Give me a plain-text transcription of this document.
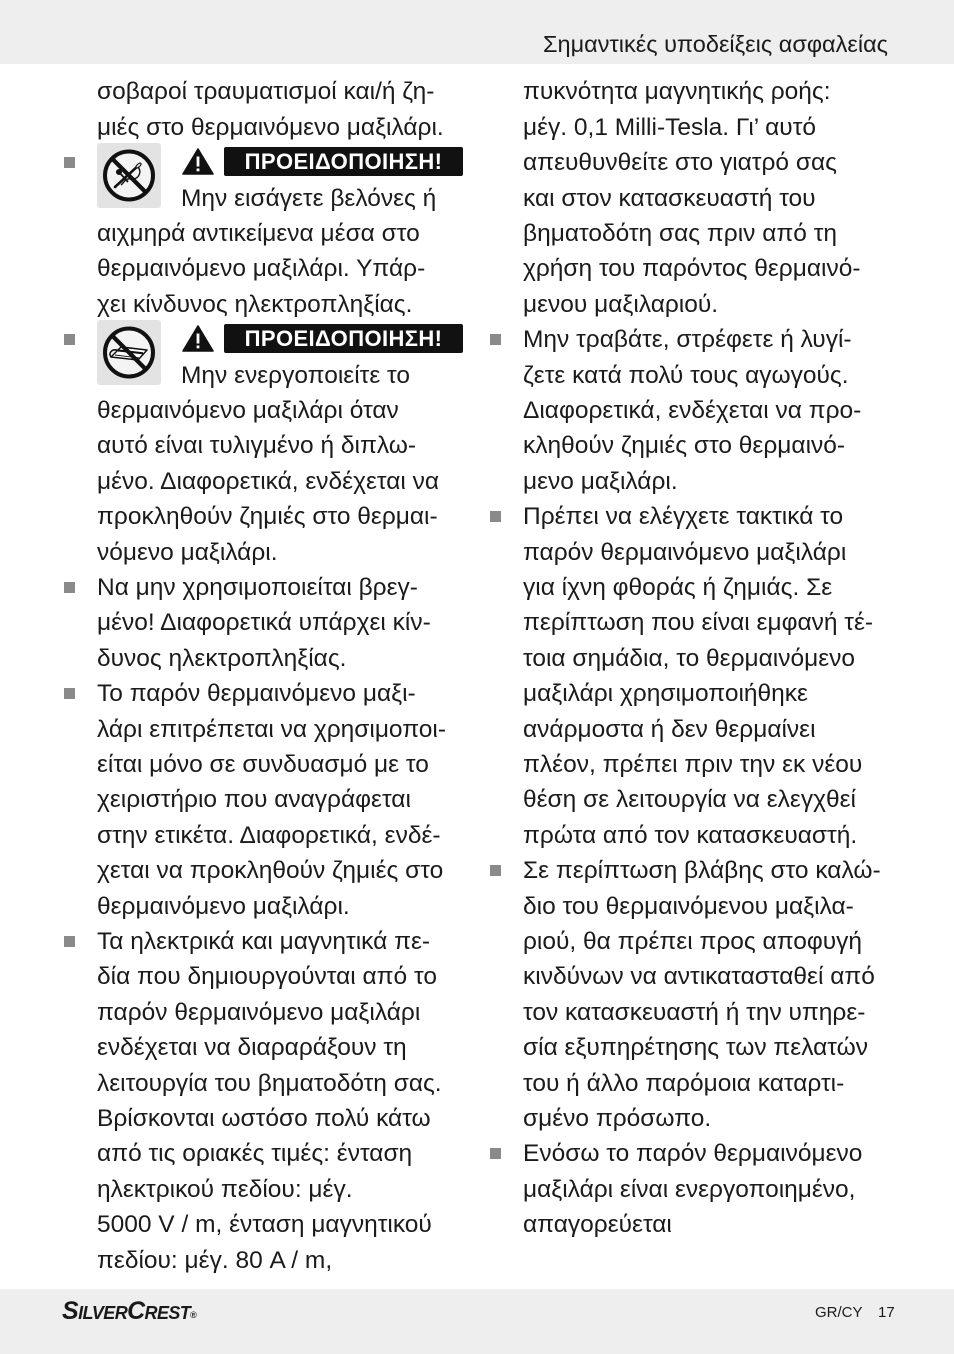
Σημαντικές υποδείξεις ασφαλείας
σοβαροί τραυματισμοί και/ή ζη-
μιές στο θερμαινόμενο μαξιλάρι.
ΠΡΟΕΙΔΟΠΟΙΗΣΗ!
Μην εισάγετε βελόνες ή
αιχμηρά αντικείμενα μέσα στο
θερμαινόμενο μαξιλάρι. Υπάρ-
χει κίνδυνος ηλεκτροπληξίας.
ΠΡΟΕΙΔΟΠΟΙΗΣΗ!
Μην ενεργοποιείτε το
θερμαινόμενο μαξιλάρι όταν
αυτό είναι τυλιγμένο ή διπλω-
μένο. Διαφορετικά, ενδέχεται να
προκληθούν ζημιές στο θερμαι-
νόμενο μαξιλάρι.
Να μην χρησιμοποιείται βρεγ-
μένο! Διαφορετικά υπάρχει κίν-
δυνος ηλεκτροπληξίας.
Το παρόν θερμαινόμενο μαξι-
λάρι επιτρέπεται να χρησιμοποι-
είται μόνο σε συνδυασμό με το
χειριστήριο που αναγράφεται
στην ετικέτα. Διαφορετικά, ενδέ-
χεται να προκληθούν ζημιές στο
θερμαινόμενο μαξιλάρι.
Τα ηλεκτρικά και μαγνητικά πε-
δία που δημιουργούνται από το
παρόν θερμαινόμενο μαξιλάρι
ενδέχεται να διαραράξουν τη
λειτουργία του βηματοδότη σας.
Βρίσκονται ωστόσο πολύ κάτω
από τις οριακές τιμές: ένταση
ηλεκτρικού πεδίου: μέγ.
5000 V / m, ένταση μαγνητικού
πεδίου: μέγ. 80 A / m,
πυκνότητα μαγνητικής ροής:
μέγ. 0,1 Milli-Tesla. Γι’ αυτό
απευθυνθείτε στο γιατρό σας
και στον κατασκευαστή του
βηματοδότη σας πριν από τη
χρήση του παρόντος θερμαινό-
μενου μαξιλαριού.
Μην τραβάτε, στρέφετε ή λυγί-
ζετε κατά πολύ τους αγωγούς.
Διαφορετικά, ενδέχεται να προ-
κληθούν ζημιές στο θερμαινό-
μενο μαξιλάρι.
Πρέπει να ελέγχετε τακτικά το
παρόν θερμαινόμενο μαξιλάρι
για ίχνη φθοράς ή ζημιάς. Σε
περίπτωση που είναι εμφανή τέ-
τοια σημάδια, το θερμαινόμενο
μαξιλάρι χρησιμοποιήθηκε
ανάρμοστα ή δεν θερμαίνει
πλέον, πρέπει πριν την εκ νέου
θέση σε λειτουργία να ελεγχθεί
πρώτα από τον κατασκευαστή.
Σε περίπτωση βλάβης στο καλώ-
διο του θερμαινόμενου μαξιλα-
ριού, θα πρέπει προς αποφυγή
κινδύνων να αντικατασταθεί από
τον κατασκευαστή ή την υπηρε-
σία εξυπηρέτησης των πελατών
του ή άλλο παρόμοια καταρτι-
σμένο πρόσωπο.
Ενόσω το παρόν θερμαινόμενο
μαξιλάρι είναι ενεργοποιημένο,
απαγορεύεται
SilverCrest®	GR/CY 17
